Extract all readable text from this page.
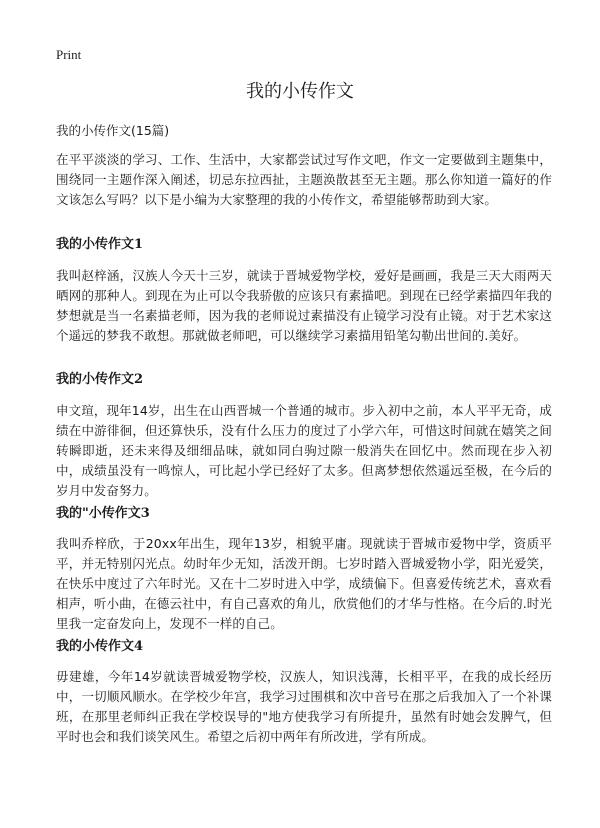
Print
我的小传作文
我的小传作文(15篇)

在平平淡淡的学习、工作、生活中，大家都尝试过写作文吧，作文一定要做到主题集中，围绕同一主题作深入阐述，切忌东拉西扯，主题涣散甚至无主题。那么你知道一篇好的作文该怎么写吗？以下是小编为大家整理的我的小传作文，希望能够帮助到大家。

我的小传作文1

我叫赵梓涵，汉族人今天十三岁，就读于晋城爱物学校，爱好是画画，我是三天大雨两天晒网的那种人。到现在为止可以令我骄傲的应该只有素描吧。到现在已经学素描四年我的梦想就是当一名素描老师，因为我的老师说过素描没有止镜学习没有止镜。对于艺术家这个遥远的梦我不敢想。那就做老师吧，可以继续学习素描用铅笔勾勒出世间的.美好。

我的小传作文2

申文瑄，现年14岁，出生在山西晋城一个普通的城市。步入初中之前，本人平平无奇，成绩在中游徘徊，但还算快乐，没有什么压力的度过了小学六年，可惜这时间就在嬉笑之间转瞬即逝，还未来得及细细品味，就如同白驹过隙一般消失在回忆中。然而现在步入初中，成绩虽没有一鸣惊人，可比起小学已经好了太多。但离梦想依然遥远至极，在今后的岁月中发奋努力。

我的"小传作文3

我叫乔梓欣，于20xx年出生，现年13岁，相貌平庸。现就读于晋城市爱物中学，资质平平，并无特别闪光点。幼时年少无知，活泼开朗。七岁时踏入晋城爱物小学，阳光爱笑，在快乐中度过了六年时光。又在十二岁时进入中学，成绩偏下。但喜爱传统艺术，喜欢看相声，听小曲，在德云社中，有自己喜欢的角儿，欣赏他们的才华与性格。在今后的.时光里我一定奋发向上，发现不一样的自己。

我的小传作文4

毋建雄，今年14岁就读晋城爱物学校，汉族人，知识浅薄，长相平平，在我的成长经历中，一切顺风顺水。在学校少年宫，我学习过围棋和次中音号在那之后我加入了一个补课班，在那里老师纠正我在学校误导的"地方使我学习有所提升，虽然有时她会发脾气，但平时也会和我们谈笑风生。希望之后初中两年有所改进，学有所成。
